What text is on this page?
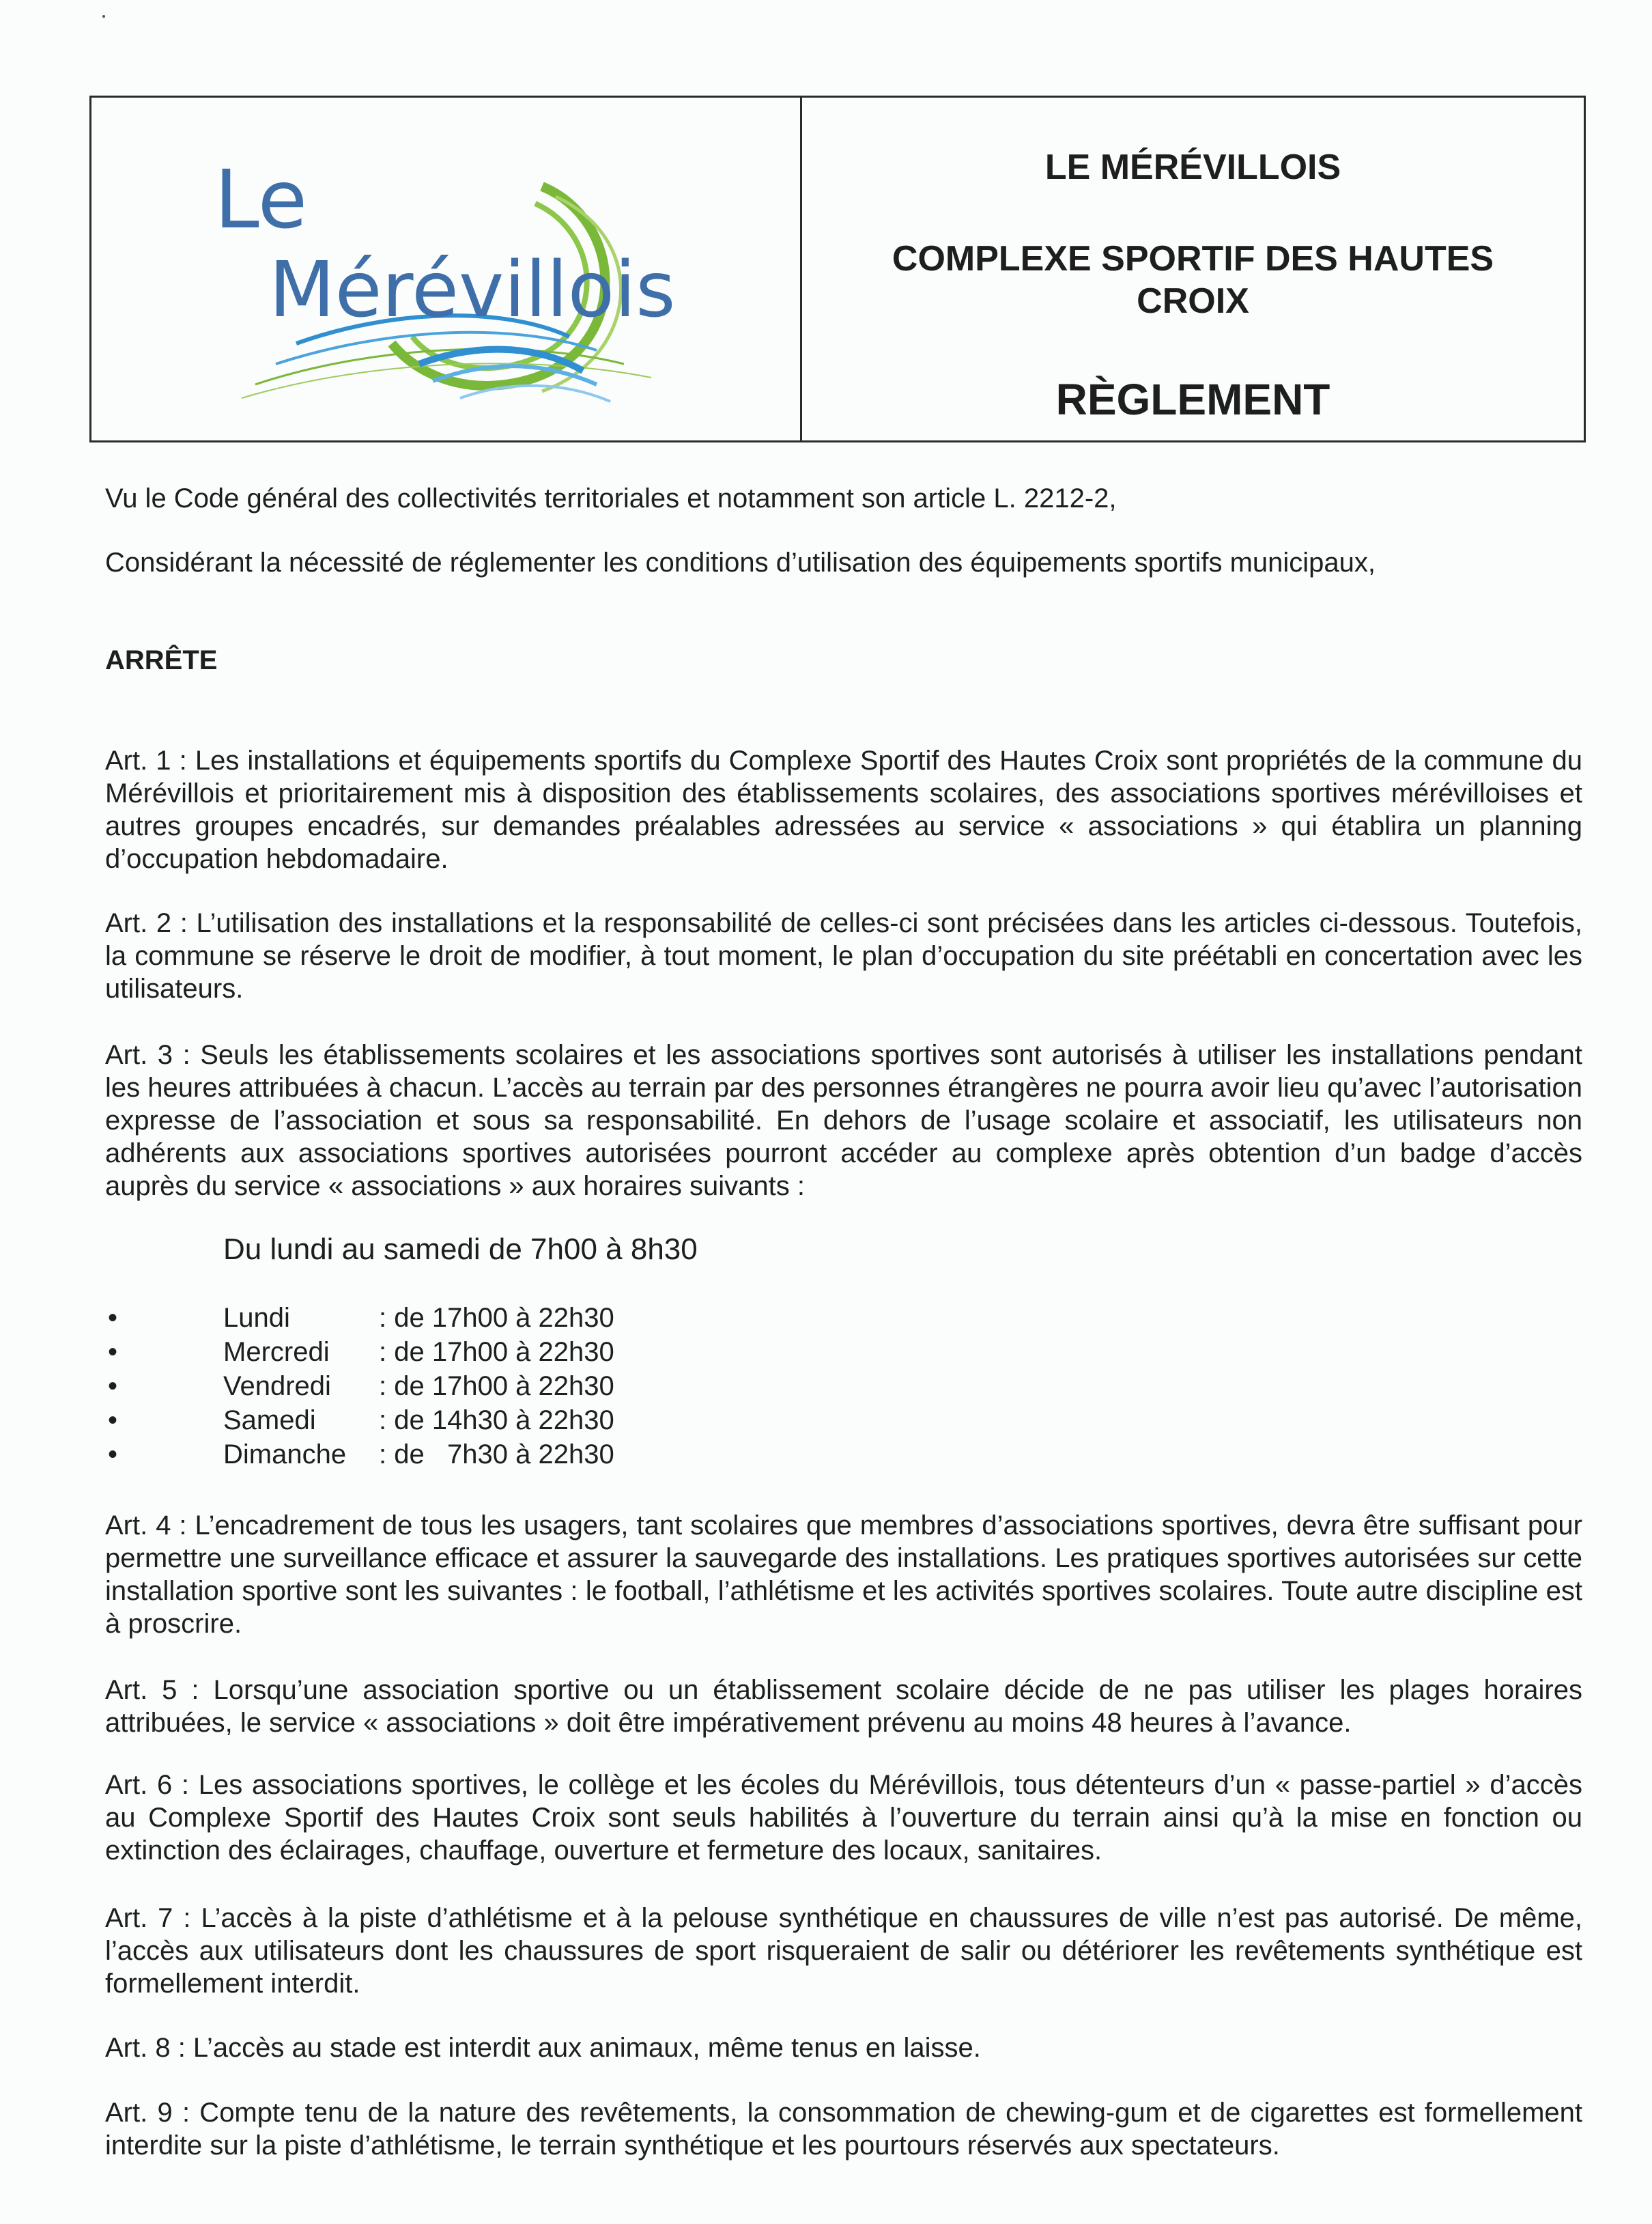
Le
Mérévillois
LE MÉRÉVILLOIS
COMPLEXE SPORTIF DES HAUTES
CROIX
RÈGLEMENT
Vu le Code général des collectivités territoriales et notamment son article L. 2212-2,
Considérant la nécessité de réglementer les conditions d’utilisation des équipements sportifs municipaux,
ARRÊTE
Art. 1 : Les installations et équipements sportifs du Complexe Sportif des Hautes Croix sont propriétés de la commune du Mérévillois et prioritairement mis à disposition des établissements scolaires, des associations sportives mérévilloises et autres groupes encadrés, sur demandes préalables adressées au service « associations » qui établira un planning d’occupation hebdomadaire.
Art. 2 : L’utilisation des installations et la responsabilité de celles-ci sont précisées dans les articles ci-dessous. Toutefois, la commune se réserve le droit de modifier, à tout moment, le plan d’occupation du site préétabli en concertation avec les utilisateurs.
Art. 3 : Seuls les établissements scolaires et les associations sportives sont autorisés à utiliser les installations pendant les heures attribuées à chacun. L’accès au terrain par des personnes étrangères ne pourra avoir lieu qu’avec l’autorisation expresse de l’association et sous sa responsabilité. En dehors de l’usage scolaire et associatif, les utilisateurs non adhérents aux associations sportives autorisées pourront accéder au complexe après obtention d’un badge d’accès auprès du service « associations » aux horaires suivants :
Du lundi au samedi de 7h00 à 8h30
•	Lundi	: de 17h00 à 22h30
•	Mercredi : de 17h00 à 22h30
•	Vendredi : de 17h00 à 22h30
•	Samedi : de 14h30 à 22h30
•	Dimanche : de   7h30 à 22h30
Art. 4 : L’encadrement de tous les usagers, tant scolaires que membres d’associations sportives, devra être suffisant pour permettre une surveillance efficace et assurer la sauvegarde des installations. Les pratiques sportives autorisées sur cette installation sportive sont les suivantes : le football, l’athlétisme et les activités sportives scolaires. Toute autre discipline est à proscrire.
Art. 5 : Lorsqu’une association sportive ou un établissement scolaire décide de ne pas utiliser les plages horaires attribuées, le service « associations » doit être impérativement prévenu au moins 48 heures à l’avance.
Art. 6 : Les associations sportives, le collège et les écoles du Mérévillois, tous détenteurs d’un « passe-partiel » d’accès au Complexe Sportif des Hautes Croix sont seuls habilités à l’ouverture du terrain ainsi qu’à la mise en fonction ou extinction des éclairages, chauffage, ouverture et fermeture des locaux, sanitaires.
Art. 7 : L’accès à la piste d’athlétisme et à la pelouse synthétique en chaussures de ville n’est pas autorisé. De même, l’accès aux utilisateurs dont les chaussures de sport risqueraient de salir ou détériorer les revêtements synthétique est formellement interdit.
Art. 8 : L’accès au stade est interdit aux animaux, même tenus en laisse.
Art. 9 : Compte tenu de la nature des revêtements, la consommation de chewing-gum et de cigarettes est formellement interdite sur la piste d’athlétisme, le terrain synthétique et les pourtours réservés aux spectateurs.
